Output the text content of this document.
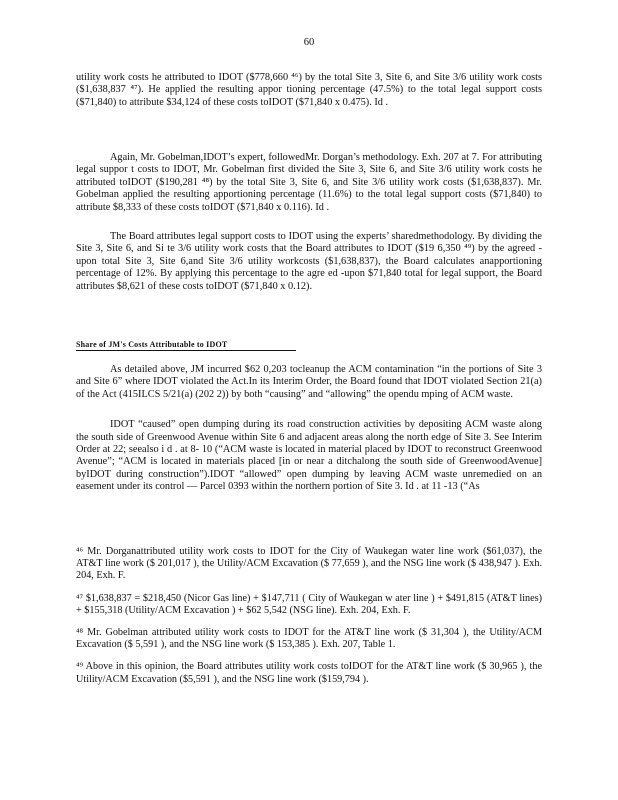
60

utility work costs he attributed to IDOT ($778,660 ⁴⁶) by the total Site 3, Site 6, and Site 3/6 utility work costs ($1,638,837 ⁴⁷). He applied the resulting appor tioning percentage (47.5%) to the total legal support costs ($71,840) to attribute $34,124 of these costs toIDOT ($71,840 x 0.475). Id .

Again, Mr. Gobelman,IDOT’s expert, followedMr. Dorgan’s methodology. Exh. 207 at 7. For attributing legal suppor t costs to IDOT, Mr. Gobelman first divided the Site 3, Site 6, and Site 3/6 utility work costs he attributed toIDOT ($190,281 ⁴⁸) by the total Site 3, Site 6, and Site 3/6 utility work costs ($1,638,837). Mr. Gobelman applied the resulting apportioning percentage (11.6%) to the total legal support costs ($71,840) to attribute $8,333 of these costs toIDOT ($71,840 x 0.116). Id .

The Board attributes legal support costs to IDOT using the experts’ sharedmethodology. By dividing the Site 3, Site 6, and Si te 3/6 utility work costs that the Board attributes to IDOT ($19 6,350 ⁴⁹) by the agreed -upon total Site 3, Site 6,and Site 3/6 utility workcosts ($1,638,837), the Board calculates anapportioning percentage of 12%. By applying this percentage to the agre ed -upon $71,840 total for legal support, the Board attributes $8,621 of these costs toIDOT ($71,840 x 0.12).

Share of JM's Costs Attributable to IDOT

As detailed above, JM incurred $62 0,203 tocleanup the ACM contamination “in the portions of Site 3 and Site 6” where IDOT violated the Act.In its Interim Order, the Board found that IDOT violated Section 21(a) of the Act (415ILCS 5/21(a) (202 2)) by both “causing” and “allowing” the opendu mping of ACM waste.

IDOT “caused” open dumping during its road construction activities by depositing ACM waste along the south side of Greenwood Avenue within Site 6 and adjacent areas along the north edge of Site 3. See Interim Order at 22; seealso i d . at 8- 10 (“ACM waste is located in material placed by IDOT to reconstruct Greenwood Avenue”; “ACM is located in materials placed [in or near a ditchalong the south side of GreenwoodAvenue] byIDOT during construction”).IDOT “allowed” open dumping by leaving ACM waste unremedied on an easement under its control — Parcel 0393 within the northern portion of Site 3. Id . at 11 -13 (“As

⁴⁶ Mr. Dorganattributed utility work costs to IDOT for the City of Waukegan water line work ($61,037), the AT&T line work ($ 201,017 ), the Utility/ACM Excavation ($ 77,659 ), and the NSG line work ($ 438,947 ). Exh. 204, Exh. F.

⁴⁷ $1,638,837 = $218,450 (Nicor Gas line) + $147,711 ( City of Waukegan w ater line ) + $491,815 (AT&T lines) + $155,318 (Utility/ACM Excavation ) + $62 5,542 (NSG line). Exh. 204, Exh. F.

⁴⁸ Mr. Gobelman attributed utility work costs to IDOT for the AT&T line work ($ 31,304 ), the Utility/ACM Excavation ($ 5,591 ), and the NSG line work ($ 153,385 ). Exh. 207, Table 1.

⁴⁹ Above in this opinion, the Board attributes utility work costs toIDOT for the AT&T line work ($ 30,965 ), the Utility/ACM Excavation ($5,591 ), and the NSG line work ($159,794 ).
